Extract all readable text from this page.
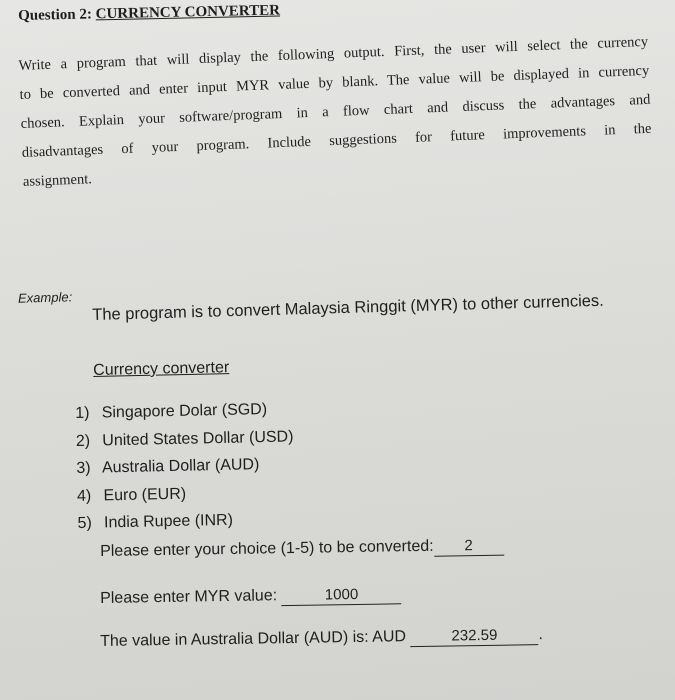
Question 2: CURRENCY CONVERTER
Write a program that will display the following output. First, the user will select the currency
to be converted and enter input MYR value by blank. The value will be displayed in currency
chosen. Explain your software/program in a flow chart and discuss the advantages and
disadvantages of your program. Include suggestions for future improvements in the
assignment.
Example: The program is to convert Malaysia Ringgit (MYR) to other currencies.
Currency converter
1) Singapore Dolar (SGD)
2) United States Dollar (USD)
3) Australia Dollar (AUD)
4) Euro (EUR)
5) India Rupee (INR)
Please enter your choice (1-5) to be converted: 2
Please enter MYR value:	1000
The value in Australia Dollar (AUD) is: AUD	232.59	.
